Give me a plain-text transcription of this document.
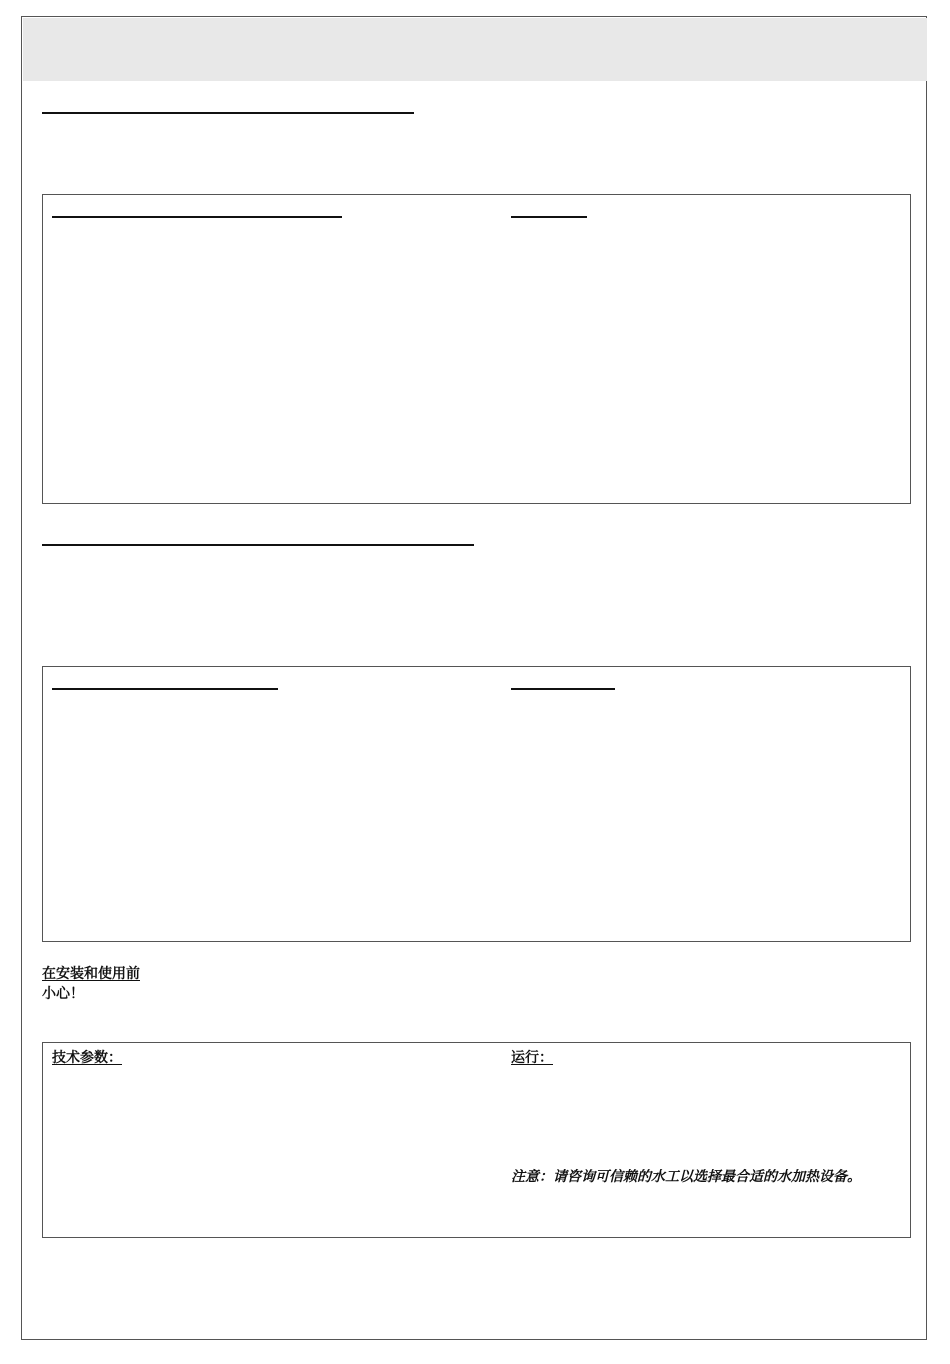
在安装和使用前
小心！
技术参数：	运行：
注意：请咨询可信赖的水工以选择最合适的水加热设备。
